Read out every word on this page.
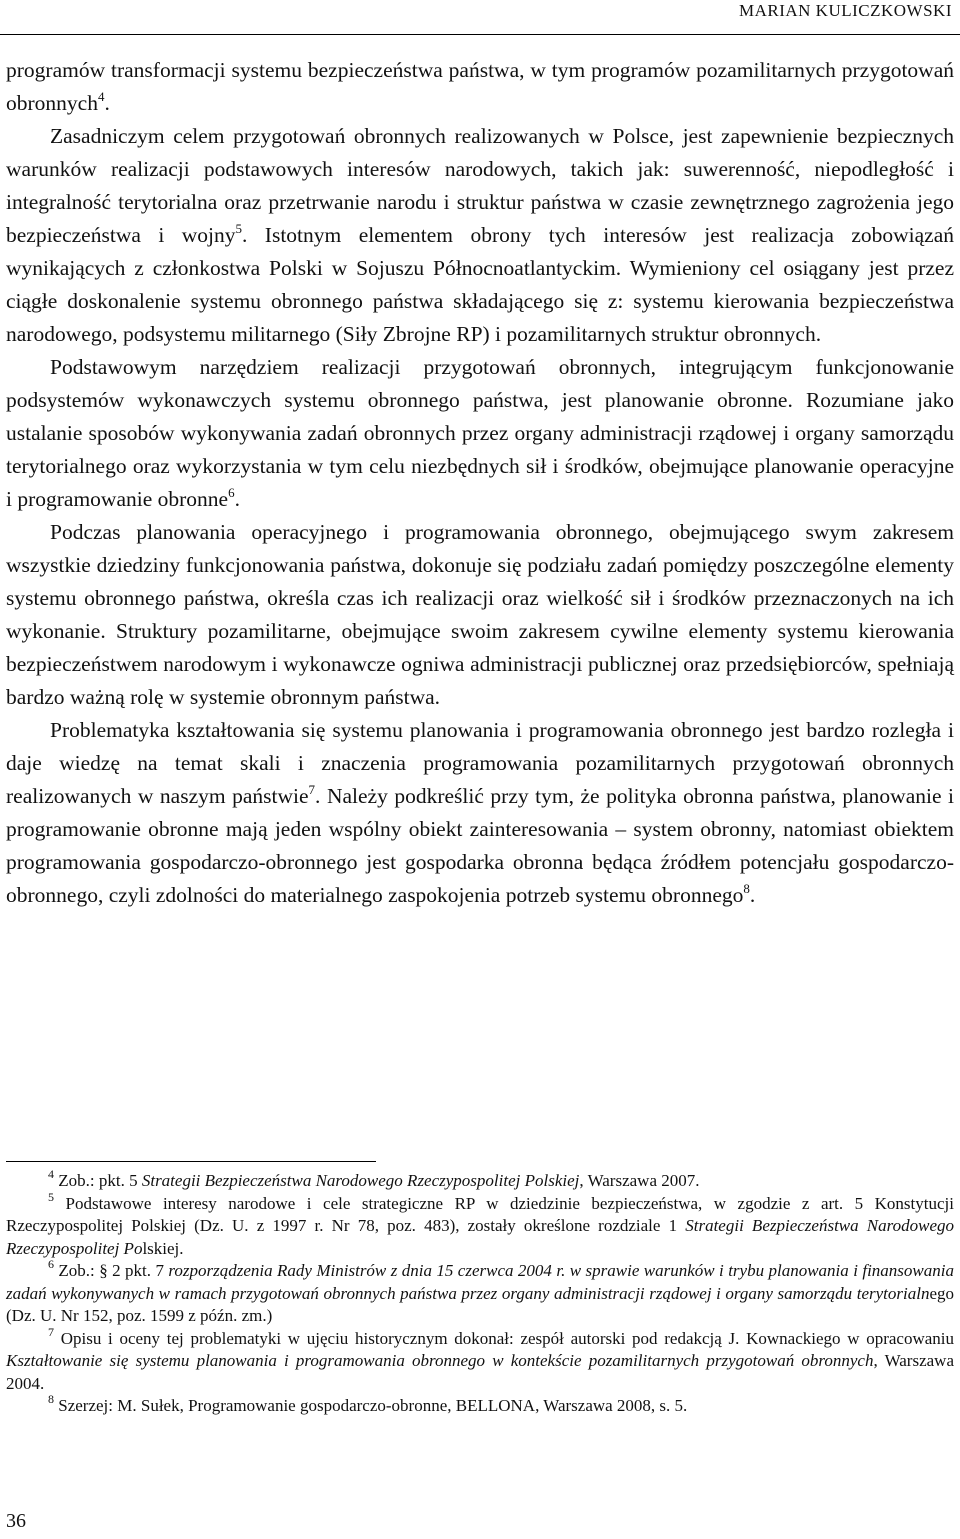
MARIAN KULICZKOWSKI

programów transformacji systemu bezpieczeństwa państwa, w tym programów pozamilitarnych przygotowań obronnych$^4$.

Zasadniczym celem przygotowań obronnych realizowanych w Polsce, jest zapewnienie bezpiecznych warunków realizacji podstawowych interesów narodowych, takich jak: suwerenność, niepodległość i integralność terytorialna oraz przetrwanie narodu i struktur państwa w czasie zewnętrznego zagrożenia jego bezpieczeństwa i wojny$^5$. Istotnym elementem obrony tych interesów jest realizacja zobowiązań wynikających z członkostwa Polski w Sojuszu Północnoatlantyckim. Wymieniony cel osiągany jest przez ciągłe doskonalenie systemu obronnego państwa składającego się z: systemu kierowania bezpieczeństwa narodowego, podsystemu militarnego (Siły Zbrojne RP) i pozamilitarnych struktur obronnych.

Podstawowym narzędziem realizacji przygotowań obronnych, integrującym funkcjonowanie podsystemów wykonawczych systemu obronnego państwa, jest planowanie obronne. Rozumiane jako ustalanie sposobów wykonywania zadań obronnych przez organy administracji rządowej i organy samorządu terytorialnego oraz wykorzystania w tym celu niezbędnych sił i środków, obejmujące planowanie operacyjne i programowanie obronne$^6$.

Podczas planowania operacyjnego i programowania obronnego, obejmującego swym zakresem wszystkie dziedziny funkcjonowania państwa, dokonuje się podziału zadań pomiędzy poszczególne elementy systemu obronnego państwa, określa czas ich realizacji oraz wielkość sił i środków przeznaczonych na ich wykonanie. Struktury pozamilitarne, obejmujące swoim zakresem cywilne elementy systemu kierowania bezpieczeństwem narodowym i wykonawcze ogniwa administracji publicznej oraz przedsiębiorców, spełniają bardzo ważną rolę w systemie obronnym państwa.

Problematyka kształtowania się systemu planowania i programowania obronnego jest bardzo rozległa i daje wiedzę na temat skali i znaczenia programowania pozamilitarnych przygotowań obronnych realizowanych w naszym państwie$^7$. Należy podkreślić przy tym, że polityka obronna państwa, planowanie i programowanie obronne mają jeden wspólny obiekt zainteresowania – system obronny, natomiast obiektem programowania gospodarczo-obronnego jest gospodarka obronna będąca źródłem potencjału gospodarczo-obronnego, czyli zdolności do materialnego zaspokojenia potrzeb systemu obronnego$^8$.

$^4$ Zob.: pkt. 5 Strategii Bezpieczeństwa Narodowego Rzeczypospolitej Polskiej, Warszawa 2007.

$^5$ Podstawowe interesy narodowe i cele strategiczne RP w dziedzinie bezpieczeństwa, w zgodzie z art. 5 Konstytucji Rzeczypospolitej Polskiej (Dz. U. z 1997 r. Nr 78, poz. 483), zostały określone rozdziale 1 Strategii Bezpieczeństwa Narodowego Rzeczypospolitej Polskiej.

$^6$ Zob.: § 2 pkt. 7 rozporządzenia Rady Ministrów z dnia 15 czerwca 2004 r. w sprawie warunków i trybu planowania i finansowania zadań wykonywanych w ramach przygotowań obronnych państwa przez organy administracji rządowej i organy samorządu terytorialnego (Dz. U. Nr 152, poz. 1599 z późn. zm.)

$^7$ Opisu i oceny tej problematyki w ujęciu historycznym dokonał: zespół autorski pod redakcją J. Kownackiego w opracowaniu Kształtowanie się systemu planowania i programowania obronnego w kontekście pozamilitarnych przygotowań obronnych, Warszawa 2004.

$^8$ Szerzej: M. Sułek, Programowanie gospodarczo-obronne, BELLONA, Warszawa 2008, s. 5.

36
